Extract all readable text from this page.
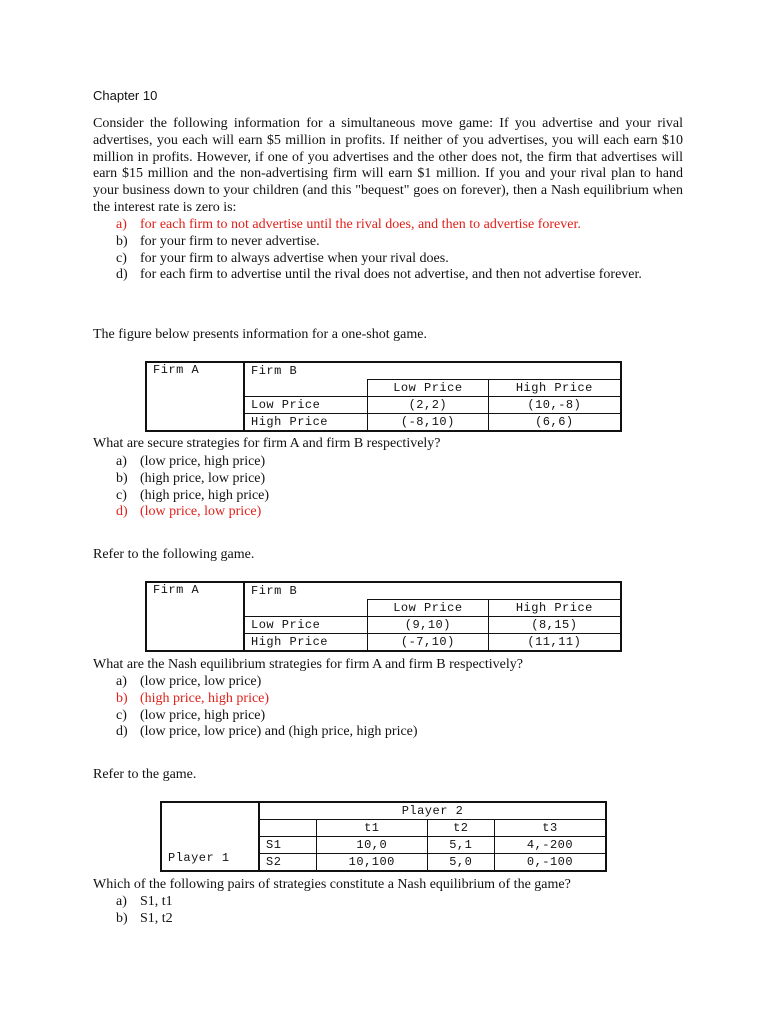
Chapter 10
Consider the following information for a simultaneous move game: If you advertise and your rival advertises, you each will earn $5 million in profits. If neither of you advertises, you will each earn $10 million in profits. However, if one of you advertises and the other does not, the firm that advertises will earn $15 million and the non-advertising firm will earn $1 million. If you and your rival plan to hand your business down to your children (and this "bequest" goes on forever), then a Nash equilibrium when the interest rate is zero is:
a) for each firm to not advertise until the rival does, and then to advertise forever.
b) for your firm to never advertise.
c) for your firm to always advertise when your rival does.
d) for each firm to advertise until the rival does not advertise, and then not advertise forever.
The figure below presents information for a one-shot game.
Firm A	Firm B		
		Low Price	High Price
	Low Price	(2,2)	(10,-8)
	High Price	(-8,10)	(6,6)
What are secure strategies for firm A and firm B respectively?
a) (low price, high price)
b) (high price, low price)
c) (high price, high price)
d) (low price, low price)
Refer to the following game.
Firm A	Firm B		
		Low Price	High Price
	Low Price	(9,10)	(8,15)
	High Price	(-7,10)	(11,11)
What are the Nash equilibrium strategies for firm A and firm B respectively?
a) (low price, low price)
b) (high price, high price)
c) (low price, high price)
d) (low price, low price) and (high price, high price)
Refer to the game.
Player 1	Player 2			
		t1	t2	t3
	S1	10,0	5,1	4,-200
	S2	10,100	5,0	0,-100
Which of the following pairs of strategies constitute a Nash equilibrium of the game?
a) S1, t1
b) S1, t2
